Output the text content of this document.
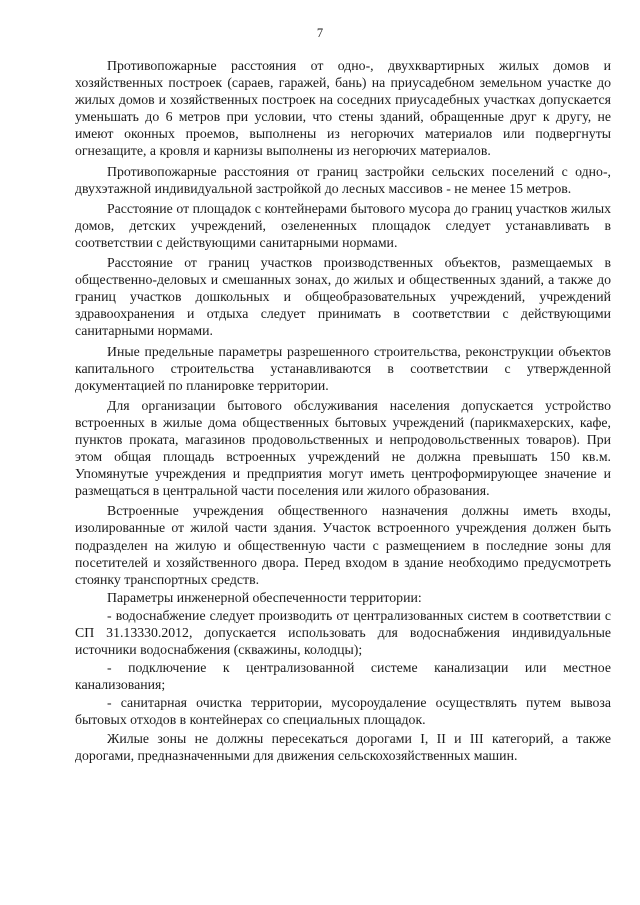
7

Противопожарные расстояния от одно-, двухквартирных жилых домов и хозяйственных построек (сараев, гаражей, бань) на приусадебном земельном участке до жилых домов и хозяйственных построек на соседних приусадебных участках допускается уменьшать до 6 метров при условии, что стены зданий, обращенные друг к другу, не имеют оконных проемов, выполнены из негорючих материалов или подвергнуты огнезащите, а кровля и карнизы выполнены из негорючих материалов.

Противопожарные расстояния от границ застройки сельских поселений с одно-, двухэтажной индивидуальной застройкой до лесных массивов - не менее 15 метров.

Расстояние от площадок с контейнерами бытового мусора до границ участков жилых домов, детских учреждений, озелененных площадок следует устанавливать в соответствии с действующими санитарными нормами.

Расстояние от границ участков производственных объектов, размещаемых в общественно-деловых и смешанных зонах, до жилых и общественных зданий, а также до границ участков дошкольных и общеобразовательных учреждений, учреждений здравоохранения и отдыха следует принимать в соответствии с действующими санитарными нормами.

Иные предельные параметры разрешенного строительства, реконструкции объектов капитального строительства устанавливаются в соответствии с утвержденной документацией по планировке территории.

Для организации бытового обслуживания населения допускается устройство встроенных в жилые дома общественных бытовых учреждений (парикмахерских, кафе, пунктов проката, магазинов продовольственных и непродовольственных товаров). При этом общая площадь встроенных учреждений не должна превышать 150 кв.м. Упомянутые учреждения и предприятия могут иметь центроформирующее значение и размещаться в центральной части поселения или жилого образования.

Встроенные учреждения общественного назначения должны иметь входы, изолированные от жилой части здания. Участок встроенного учреждения должен быть подразделен на жилую и общественную части с размещением в последние зоны для посетителей и хозяйственного двора. Перед входом в здание необходимо предусмотреть стоянку транспортных средств.

Параметры инженерной обеспеченности территории:

- водоснабжение следует производить от централизованных систем в соответствии с СП 31.13330.2012, допускается использовать для водоснабжения индивидуальные источники водоснабжения (скважины, колодцы);

- подключение к централизованной системе канализации или местное канализования;

- санитарная очистка территории, мусороудаление осуществлять путем вывоза бытовых отходов в контейнерах со специальных площадок.

Жилые зоны не должны пересекаться дорогами I, II и III категорий, а также дорогами, предназначенными для движения сельскохозяйственных машин.
